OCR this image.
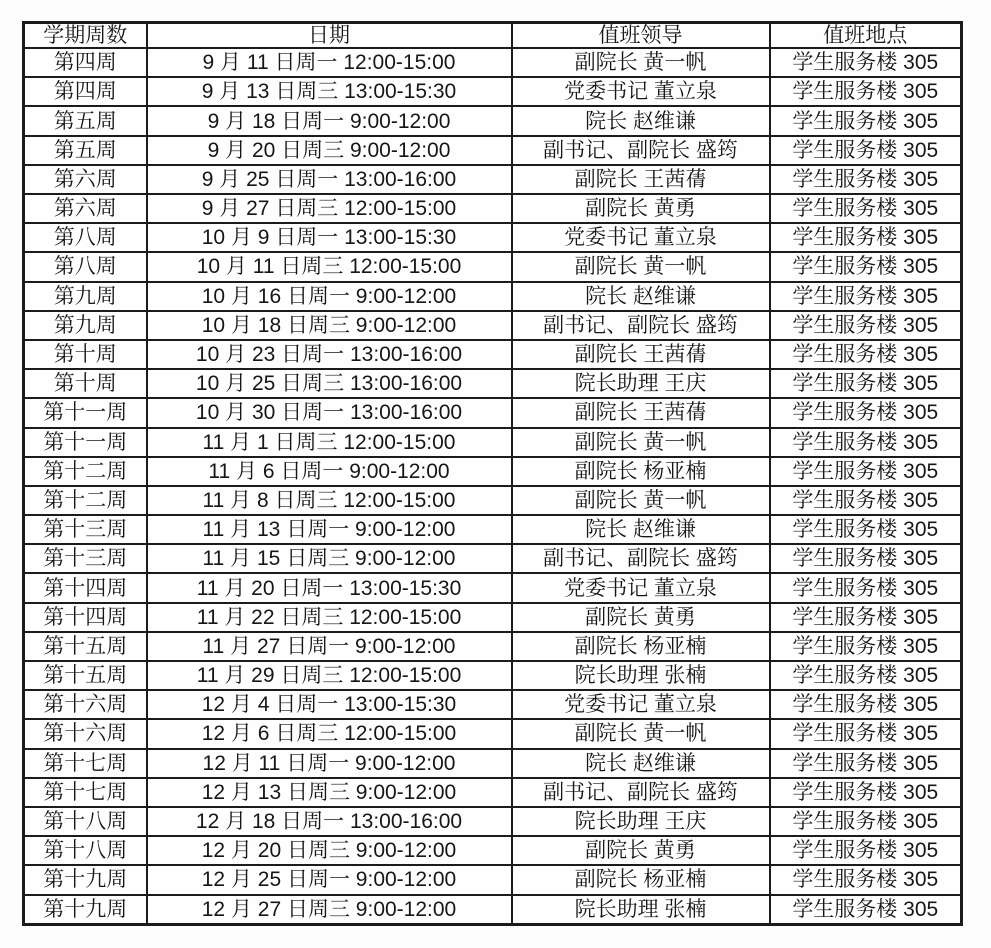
学期周数	日期	值班领导	值班地点
第四周	9 月 11 日周一 12:00-15:00	副院长 黄一帆	学生服务楼 305
第四周	9 月 13 日周三 13:00-15:30	党委书记 董立泉	学生服务楼 305
第五周	9 月 18 日周一 9:00-12:00	院长 赵维谦	学生服务楼 305
第五周	9 月 20 日周三 9:00-12:00	副书记、副院长 盛筠	学生服务楼 305
第六周	9 月 25 日周一 13:00-16:00	副院长 王茜蒨	学生服务楼 305
第六周	9 月 27 日周三 12:00-15:00	副院长 黄勇	学生服务楼 305
第八周	10 月 9 日周一 13:00-15:30	党委书记 董立泉	学生服务楼 305
第八周	10 月 11 日周三 12:00-15:00	副院长 黄一帆	学生服务楼 305
第九周	10 月 16 日周一 9:00-12:00	院长 赵维谦	学生服务楼 305
第九周	10 月 18 日周三 9:00-12:00	副书记、副院长 盛筠	学生服务楼 305
第十周	10 月 23 日周一 13:00-16:00	副院长 王茜蒨	学生服务楼 305
第十周	10 月 25 日周三 13:00-16:00	院长助理 王庆	学生服务楼 305
第十一周	10 月 30 日周一 13:00-16:00	副院长 王茜蒨	学生服务楼 305
第十一周	11 月 1 日周三 12:00-15:00	副院长 黄一帆	学生服务楼 305
第十二周	11 月 6 日周一 9:00-12:00	副院长 杨亚楠	学生服务楼 305
第十二周	11 月 8 日周三 12:00-15:00	副院长 黄一帆	学生服务楼 305
第十三周	11 月 13 日周一 9:00-12:00	院长 赵维谦	学生服务楼 305
第十三周	11 月 15 日周三 9:00-12:00	副书记、副院长 盛筠	学生服务楼 305
第十四周	11 月 20 日周一 13:00-15:30	党委书记 董立泉	学生服务楼 305
第十四周	11 月 22 日周三 12:00-15:00	副院长 黄勇	学生服务楼 305
第十五周	11 月 27 日周一 9:00-12:00	副院长 杨亚楠	学生服务楼 305
第十五周	11 月 29 日周三 12:00-15:00	院长助理 张楠	学生服务楼 305
第十六周	12 月 4 日周一 13:00-15:30	党委书记 董立泉	学生服务楼 305
第十六周	12 月 6 日周三 12:00-15:00	副院长 黄一帆	学生服务楼 305
第十七周	12 月 11 日周一 9:00-12:00	院长 赵维谦	学生服务楼 305
第十七周	12 月 13 日周三 9:00-12:00	副书记、副院长 盛筠	学生服务楼 305
第十八周	12 月 18 日周一 13:00-16:00	院长助理 王庆	学生服务楼 305
第十八周	12 月 20 日周三 9:00-12:00	副院长 黄勇	学生服务楼 305
第十九周	12 月 25 日周一 9:00-12:00	副院长 杨亚楠	学生服务楼 305
第十九周	12 月 27 日周三 9:00-12:00	院长助理 张楠	学生服务楼 305
